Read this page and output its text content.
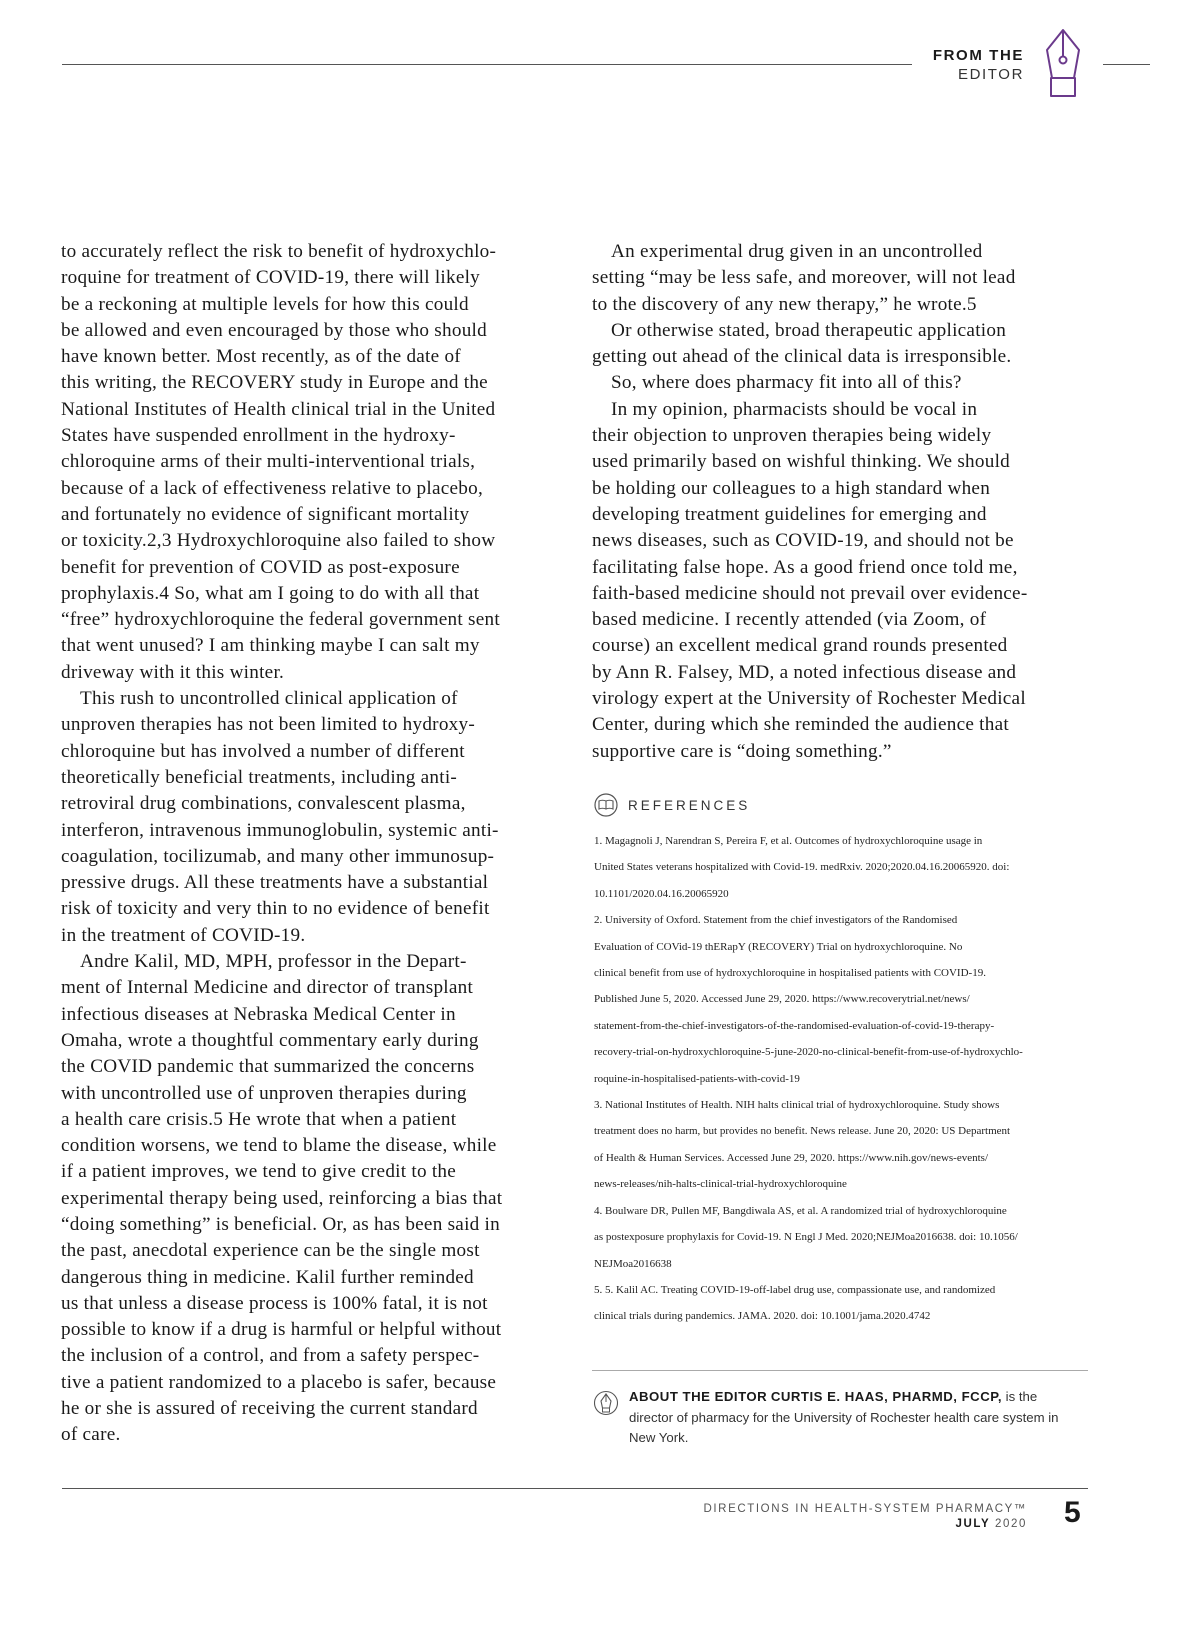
FROM THE
EDITOR

to accurately reflect the risk to benefit of hydroxychlo-
roquine for treatment of COVID-19, there will likely
be a reckoning at multiple levels for how this could
be allowed and even encouraged by those who should
have known better. Most recently, as of the date of
this writing, the RECOVERY study in Europe and the
National Institutes of Health clinical trial in the United
States have suspended enrollment in the hydroxy-
chloroquine arms of their multi-interventional trials,
because of a lack of effectiveness relative to placebo,
and fortunately no evidence of significant mortality
or toxicity.2,3 Hydroxychloroquine also failed to show
benefit for prevention of COVID as post-exposure
prophylaxis.4 So, what am I going to do with all that
“free” hydroxychloroquine the federal government sent
that went unused? I am thinking maybe I can salt my
driveway with it this winter.

This rush to uncontrolled clinical application of
unproven therapies has not been limited to hydroxy-
chloroquine but has involved a number of different
theoretically beneficial treatments, including anti-
retroviral drug combinations, convalescent plasma,
interferon, intravenous immunoglobulin, systemic anti-
coagulation, tocilizumab, and many other immunosup-
pressive drugs. All these treatments have a substantial
risk of toxicity and very thin to no evidence of benefit
in the treatment of COVID-19.

Andre Kalil, MD, MPH, professor in the Depart-
ment of Internal Medicine and director of transplant
infectious diseases at Nebraska Medical Center in
Omaha, wrote a thoughtful commentary early during
the COVID pandemic that summarized the concerns
with uncontrolled use of unproven therapies during
a health care crisis.5 He wrote that when a patient
condition worsens, we tend to blame the disease, while
if a patient improves, we tend to give credit to the
experimental therapy being used, reinforcing a bias that
“doing something” is beneficial. Or, as has been said in
the past, anecdotal experience can be the single most
dangerous thing in medicine. Kalil further reminded
us that unless a disease process is 100% fatal, it is not
possible to know if a drug is harmful or helpful without
the inclusion of a control, and from a safety perspec-
tive a patient randomized to a placebo is safer, because
he or she is assured of receiving the current standard
of care.

An experimental drug given in an uncontrolled
setting “may be less safe, and moreover, will not lead
to the discovery of any new therapy,” he wrote.5

Or otherwise stated, broad therapeutic application
getting out ahead of the clinical data is irresponsible.

So, where does pharmacy fit into all of this?

In my opinion, pharmacists should be vocal in
their objection to unproven therapies being widely
used primarily based on wishful thinking. We should
be holding our colleagues to a high standard when
developing treatment guidelines for emerging and
news diseases, such as COVID-19, and should not be
facilitating false hope. As a good friend once told me,
faith-based medicine should not prevail over evidence-
based medicine. I recently attended (via Zoom, of
course) an excellent medical grand rounds presented
by Ann R. Falsey, MD, a noted infectious disease and
virology expert at the University of Rochester Medical
Center, during which she reminded the audience that
supportive care is “doing something.”

REFERENCES
1. Magagnoli J, Narendran S, Pereira F, et al. Outcomes of hydroxychloroquine usage in
United States veterans hospitalized with Covid-19. medRxiv. 2020;2020.04.16.20065920. doi:
10.1101/2020.04.16.20065920
2. University of Oxford. Statement from the chief investigators of the Randomised
Evaluation of COVid-19 thERapY (RECOVERY) Trial on hydroxychloroquine. No
clinical benefit from use of hydroxychloroquine in hospitalised patients with COVID-19.
Published June 5, 2020. Accessed June 29, 2020. https://www.recoverytrial.net/news/
statement-from-the-chief-investigators-of-the-randomised-evaluation-of-covid-19-therapy-
recovery-trial-on-hydroxychloroquine-5-june-2020-no-clinical-benefit-from-use-of-hydroxychlo-
roquine-in-hospitalised-patients-with-covid-19
3. National Institutes of Health. NIH halts clinical trial of hydroxychloroquine. Study shows
treatment does no harm, but provides no benefit. News release. June 20, 2020: US Department
of Health & Human Services. Accessed June 29, 2020. https://www.nih.gov/news-events/
news-releases/nih-halts-clinical-trial-hydroxychloroquine
4. Boulware DR, Pullen MF, Bangdiwala AS, et al. A randomized trial of hydroxychloroquine
as postexposure prophylaxis for Covid-19. N Engl J Med. 2020;NEJMoa2016638. doi: 10.1056/
NEJMoa2016638
5. 5. Kalil AC. Treating COVID-19-off-label drug use, compassionate use, and randomized
clinical trials during pandemics. JAMA. 2020. doi: 10.1001/jama.2020.4742
ABOUT THE EDITOR CURTIS E. HAAS, PHARMD, FCCP, is the director of pharmacy for the University of Rochester health care system in New York.
DIRECTIONS IN HEALTH-SYSTEM PHARMACY™
JULY 2020 5
